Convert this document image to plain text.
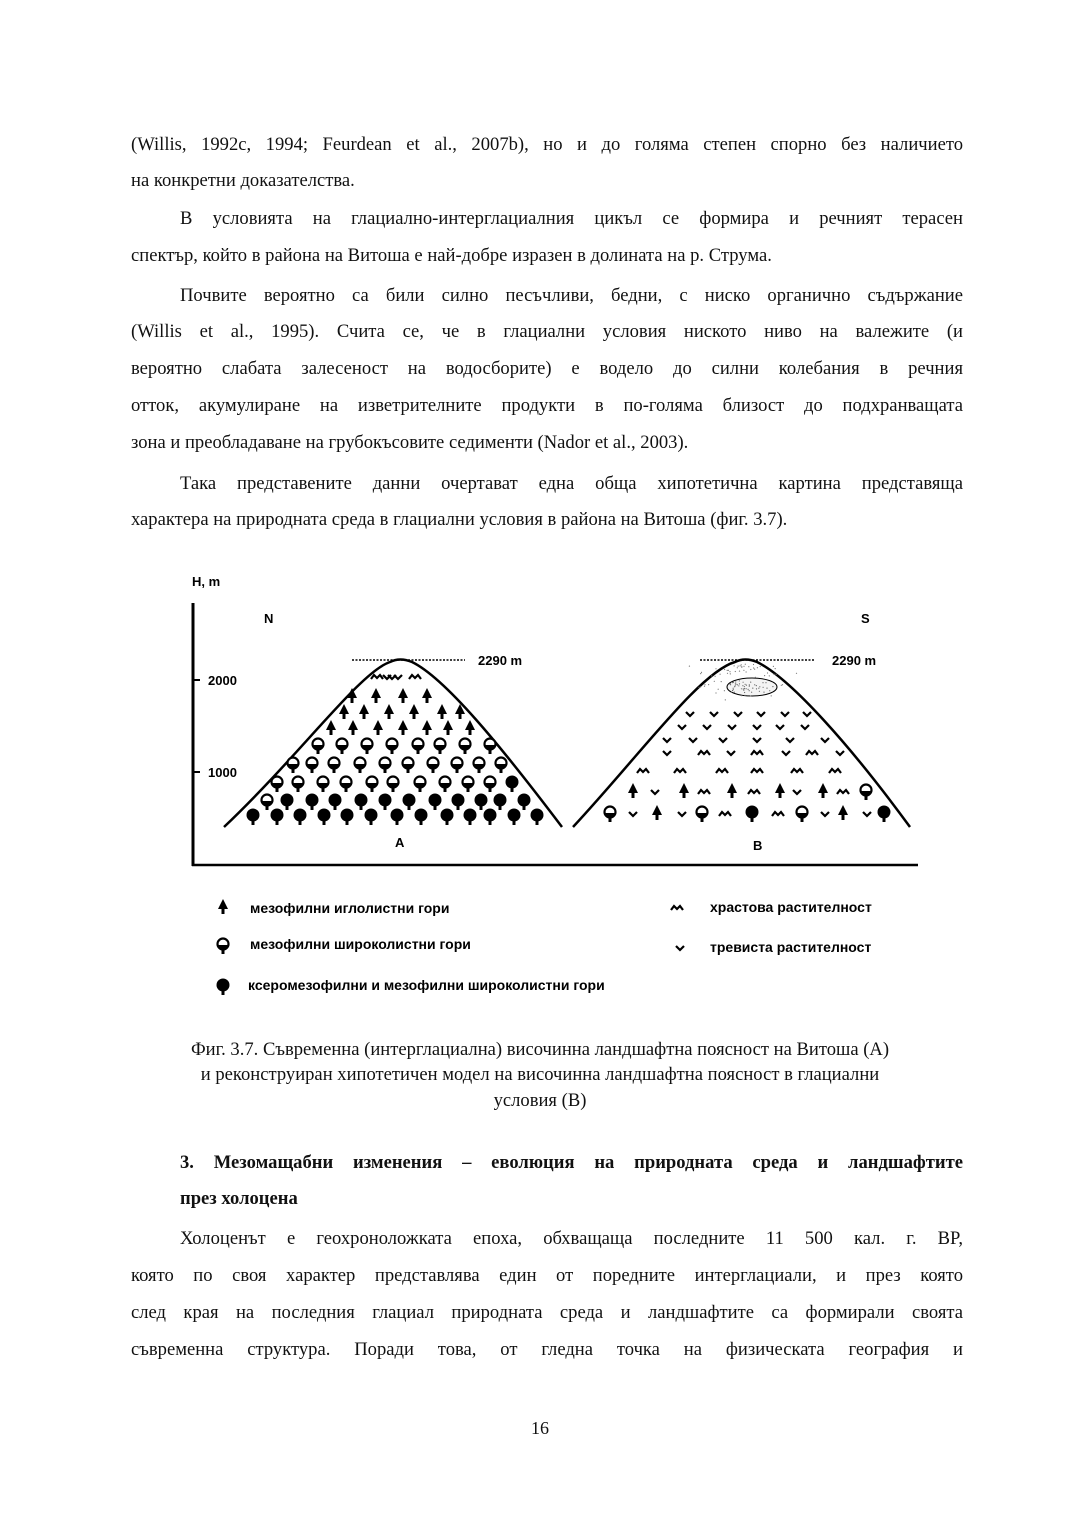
(Willis, 1992c, 1994; Feurdean et al., 2007b), но и до голяма степен спорно без наличието
на конкретни доказателства.
В условията на глациално-интерглациалния цикъл се формира и речният терасен
спектър, който в района на Витоша е най-добре изразен в долината на р. Струма.
Почвите вероятно са били силно песъчливи, бедни, с ниско органично съдържание
(Willis et al., 1995). Счита се, че в глациални условия ниското ниво на валежите (и
вероятно слабата залесеност на водосборите) е водело до силни колебания в речния
отток, акумулиране на изветрителните продукти в по-голяма близост до подхранващата
зона и преобладаване на грубокъсовите седименти (Nador et al., 2003).
Така представените данни очертават една обща хипотетична картина представяща
характера на природната среда в глациални условия в района на Витоша (фиг. 3.7).
H, m
2000
1000
N	S
2290 m	2290 m
A	B
мезофилни иглолистни гори
мезофилни широколистни гори
ксеромезофилни и мезофилни широколистни гори
храстова растителност
тревиста растителност
Фиг. 3.7. Съвременна (интерглациална) височинна ландшафтна поясност на Витоша (A)
и реконструиран хипотетичен модел на височинна ландшафтна поясност в глациални
условия (B)
3. Мезомащабни изменения – еволюция на природната среда и ландшафтите
през холоцена
Холоценът е геохроноложката епоха, обхващаща последните 11 500 кал. г. BP,
която по своя характер представлява един от поредните интерглациали, и през която
след края на последния глациал природната среда и ландшафтите са формирали своята
съвременна структура. Поради това, от гледна точка на физическата география и
16
